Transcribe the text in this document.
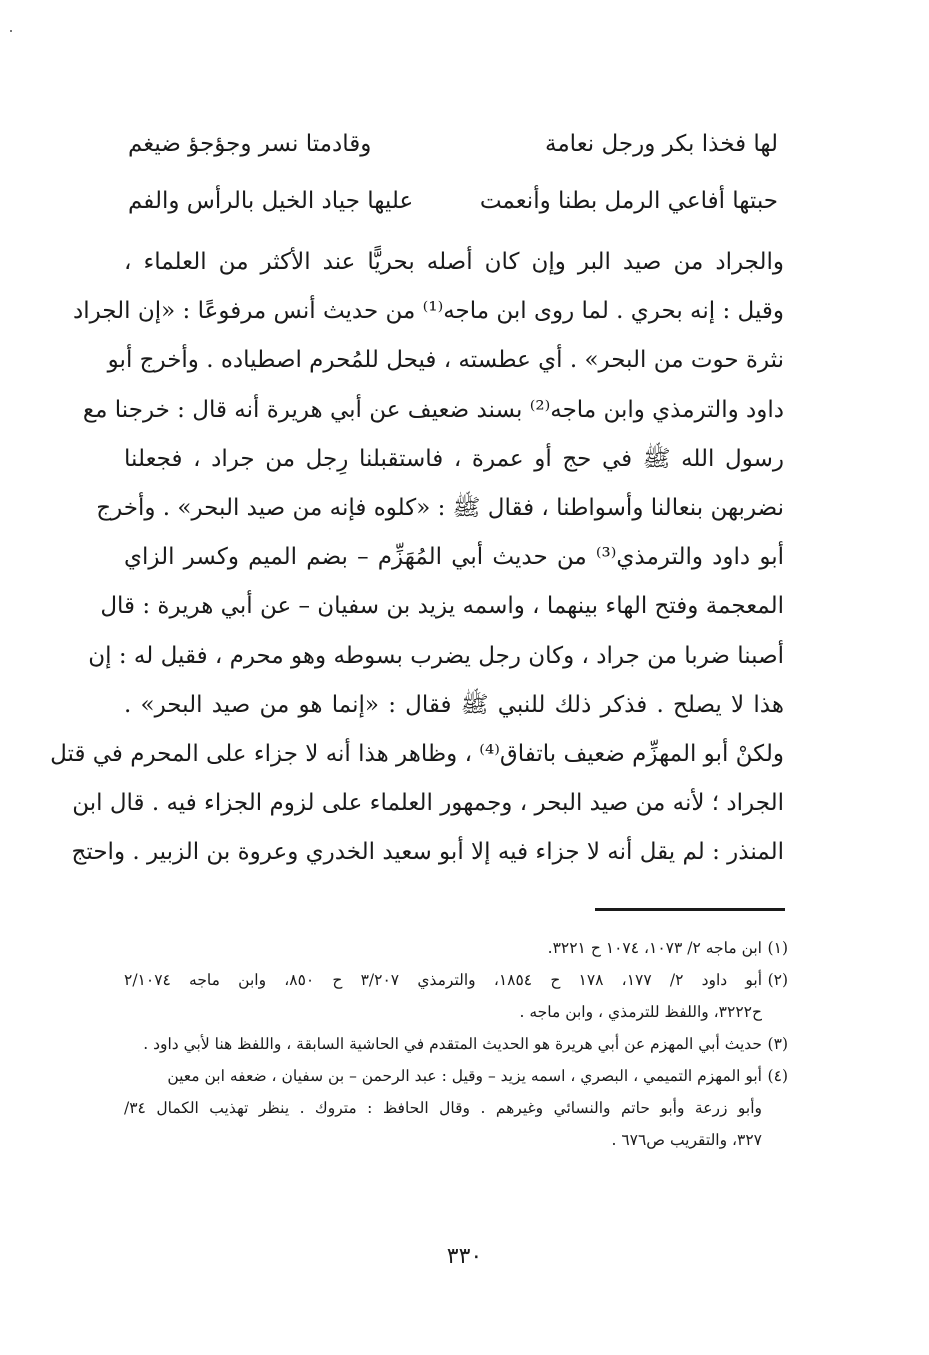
لها فخذا بكر ورجل نعامة
وقادمتا نسر وجؤجؤ ضيغم
حبتها أفاعي الرمل بطنا وأنعمت
عليها جياد الخيل بالرأس والفم
والجراد من صيد البر وإن كان أصله بحريًّا عند الأكثر من العلماء ،
وقيل : إنه بحري . لما روى ابن ماجه⁽¹⁾ من حديث أنس مرفوعًا : «إن الجراد
نثرة حوت من البحر» . أي عطسته ، فيحل للمُحرم اصطياده . وأخرج أبو
داود والترمذي وابن ماجه⁽²⁾ بسند ضعيف عن أبي هريرة أنه قال : خرجنا مع
رسول الله ﷺ في حج أو عمرة ، فاستقبلنا رِجل من جراد ، فجعلنا
نضربهن بنعالنا وأسواطنا ، فقال ﷺ : «كلوه فإنه من صيد البحر» . وأخرج
أبو داود والترمذي⁽³⁾ من حديث أبي المُهَزِّم – بضم الميم وكسر الزاي
المعجمة وفتح الهاء بينهما ، واسمه يزيد بن سفيان – عن أبي هريرة : قال
أصبنا ضربا من جراد ، وكان رجل يضرب بسوطه وهو محرم ، فقيل له : إن
هذا لا يصلح . فذكر ذلك للنبي ﷺ فقال : «إنما هو من صيد البحر» .
ولكنْ أبو المهزِّم ضعيف باتفاق⁽⁴⁾ ، وظاهر هذا أنه لا جزاء على المحرم في قتل
الجراد ؛ لأنه من صيد البحر ، وجمهور العلماء على لزوم الجزاء فيه . قال ابن
المنذر : لم يقل أنه لا جزاء فيه إلا أبو سعيد الخدري وعروة بن الزبير . واحتج
(١)ابن ماجه ٢/ ١٠٧٣، ١٠٧٤ ح ٣٢٢١.
(٢)أبو داود ٢/ ١٧٧، ١٧٨ ح ١٨٥٤، والترمذي ٣/٢٠٧ ح ٨٥٠، وابن ماجه ٢/١٠٧٤
ح٣٢٢٢، واللفظ للترمذي ، وابن ماجه .
(٣)حديث أبي المهزم عن أبي هريرة هو الحديث المتقدم في الحاشية السابقة ، واللفظ هنا لأبي داود .
(٤)أبو المهزم التميمي ، البصري ، اسمه يزيد – وقيل : عبد الرحمن – بن سفيان ، ضعفه ابن معين
وأبو زرعة وأبو حاتم والنسائي وغيرهم . وقال الحافظ : متروك . ينظر تهذيب الكمال ٣٤/
٣٢٧، والتقريب ص٦٧٦ .
٣٣٠
